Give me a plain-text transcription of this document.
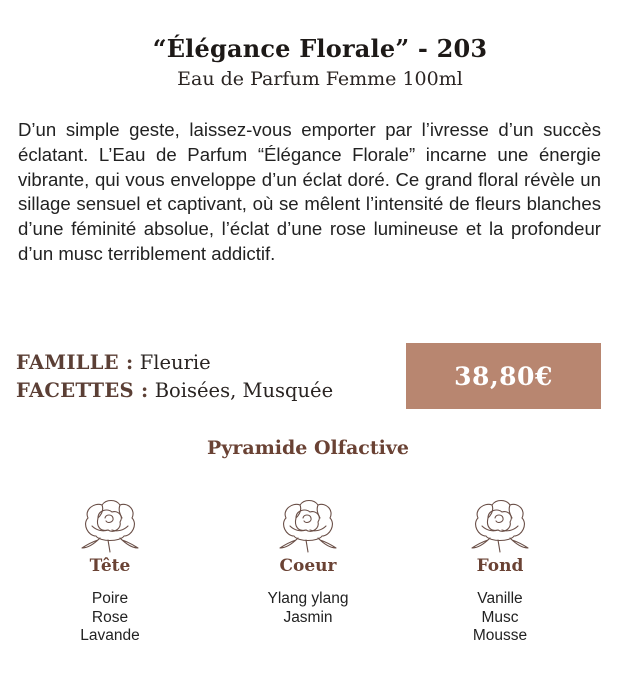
“Élégance Florale” - 203
Eau de Parfum Femme 100ml
D’un simple geste, laissez-vous emporter par l’ivresse d’un succès éclatant. L’Eau de Parfum “Élégance Florale” incarne une énergie vibrante, qui vous enveloppe d’un éclat doré. Ce grand floral révèle un sillage sensuel et captivant, où se mêlent l’intensité de fleurs blanches d’une féminité absolue, l’éclat d’une rose lumineuse et la profondeur d’un musc terriblement addictif.
FAMILLE : Fleurie
FACETTES : Boisées, Musquée	38,80€
Pyramide Olfactive
Tête
Poire
Rose
Lavande
Coeur
Ylang ylang
Jasmin
Fond
Vanille
Musc
Mousse
